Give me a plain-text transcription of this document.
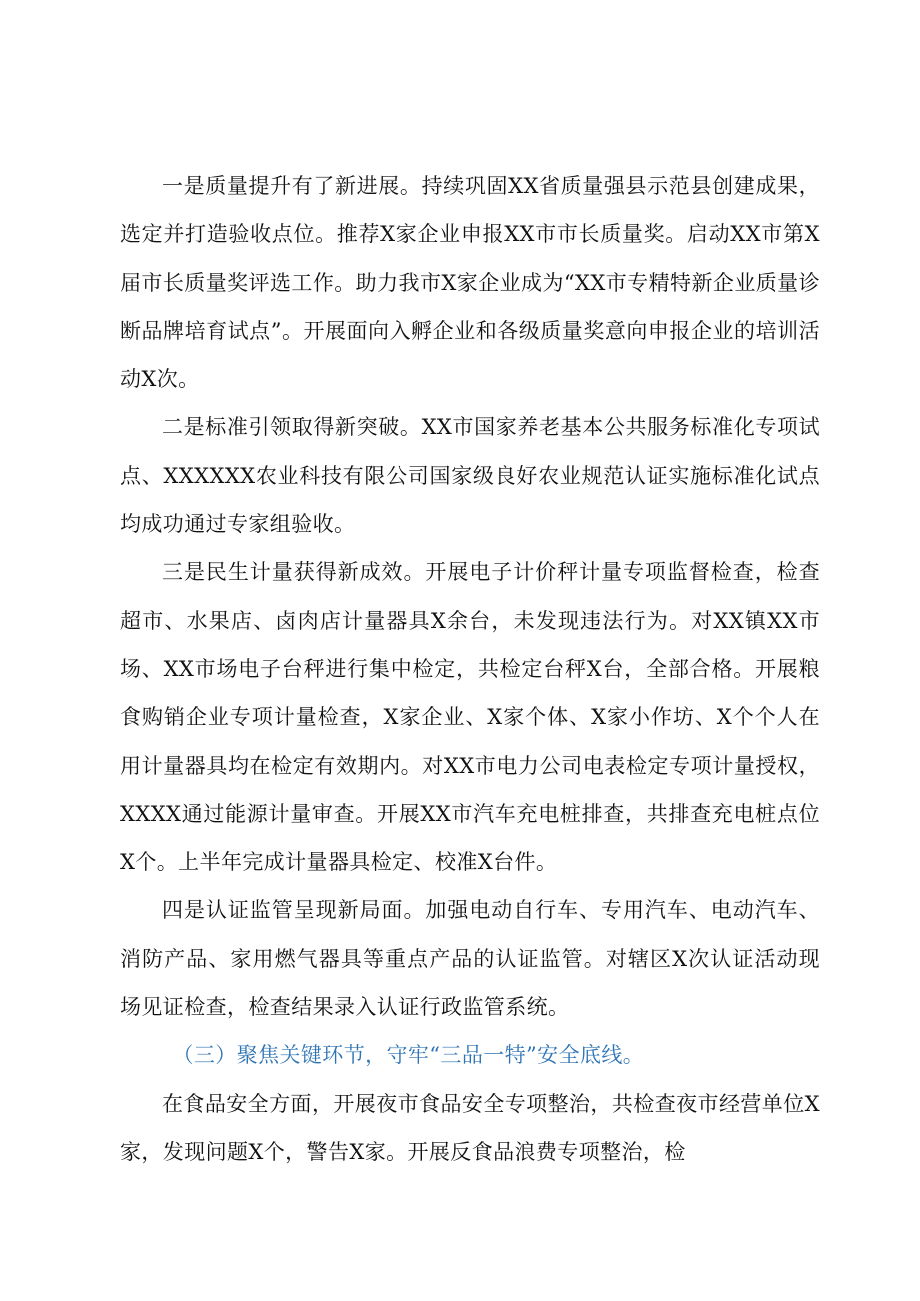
一是质量提升有了新进展。持续巩固XX省质量强县示范县创建成果，选定并打造验收点位。推荐X家企业申报XX市市长质量奖。启动XX市第X届市长质量奖评选工作。助力我市X家企业成为“XX市专精特新企业质量诊断品牌培育试点”。开展面向入孵企业和各级质量奖意向申报企业的培训活动X次。

二是标准引领取得新突破。XX市国家养老基本公共服务标准化专项试点、XXXXXX农业科技有限公司国家级良好农业规范认证实施标准化试点均成功通过专家组验收。

三是民生计量获得新成效。开展电子计价秤计量专项监督检查，检查超市、水果店、卤肉店计量器具X余台，未发现违法行为。对XX镇XX市场、XX市场电子台秤进行集中检定，共检定台秤X台，全部合格。开展粮食购销企业专项计量检查，X家企业、X家个体、X家小作坊、X个个人在用计量器具均在检定有效期内。对XX市电力公司电表检定专项计量授权，XXXX通过能源计量审查。开展XX市汽车充电桩排查，共排查充电桩点位X个。上半年完成计量器具检定、校准X台件。

四是认证监管呈现新局面。加强电动自行车、专用汽车、电动汽车、消防产品、家用燃气器具等重点产品的认证监管。对辖区X次认证活动现场见证检查，检查结果录入认证行政监管系统。

（三）聚焦关键环节，守牢“三品一特”安全底线。

在食品安全方面，开展夜市食品安全专项整治，共检查夜市经营单位X家，发现问题X个，警告X家。开展反食品浪费专项整治，检
